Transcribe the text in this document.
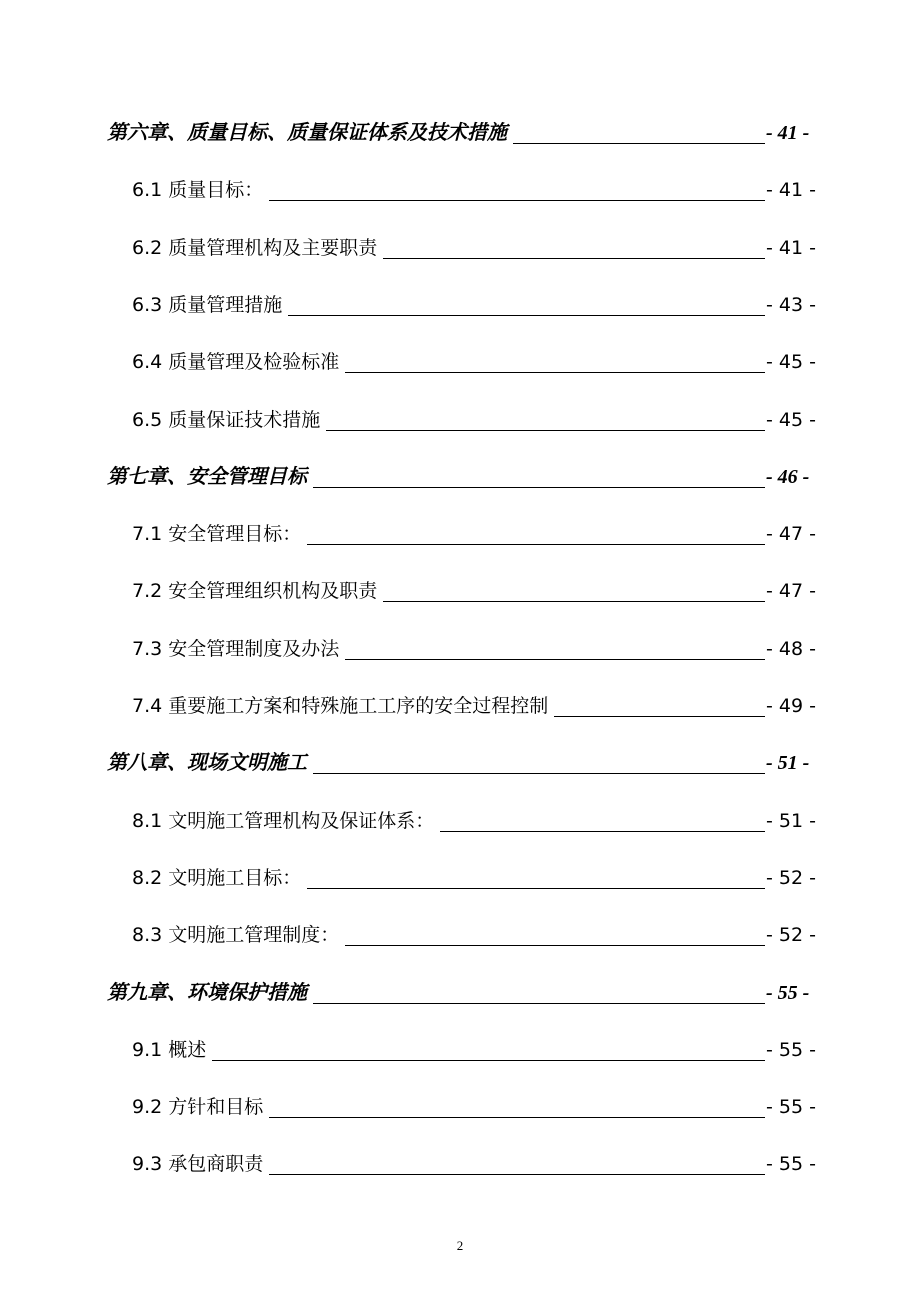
第六章、质量目标、质量保证体系及技术措施	- 41 -
6.1 质量目标：	- 41 -
6.2 质量管理机构及主要职责	- 41 -
6.3 质量管理措施	- 43 -
6.4 质量管理及检验标准	- 45 -
6.5 质量保证技术措施	- 45 -
第七章、安全管理目标	- 46 -
7.1 安全管理目标：	- 47 -
7.2 安全管理组织机构及职责	- 47 -
7.3 安全管理制度及办法	- 48 -
7.4 重要施工方案和特殊施工工序的安全过程控制	- 49 -
第八章、现场文明施工	- 51 -
8.1 文明施工管理机构及保证体系：	- 51 -
8.2 文明施工目标：	- 52 -
8.3 文明施工管理制度：	- 52 -
第九章、环境保护措施	- 55 -
9.1 概述	- 55 -
9.2 方针和目标	- 55 -
9.3 承包商职责	- 55 -
2
